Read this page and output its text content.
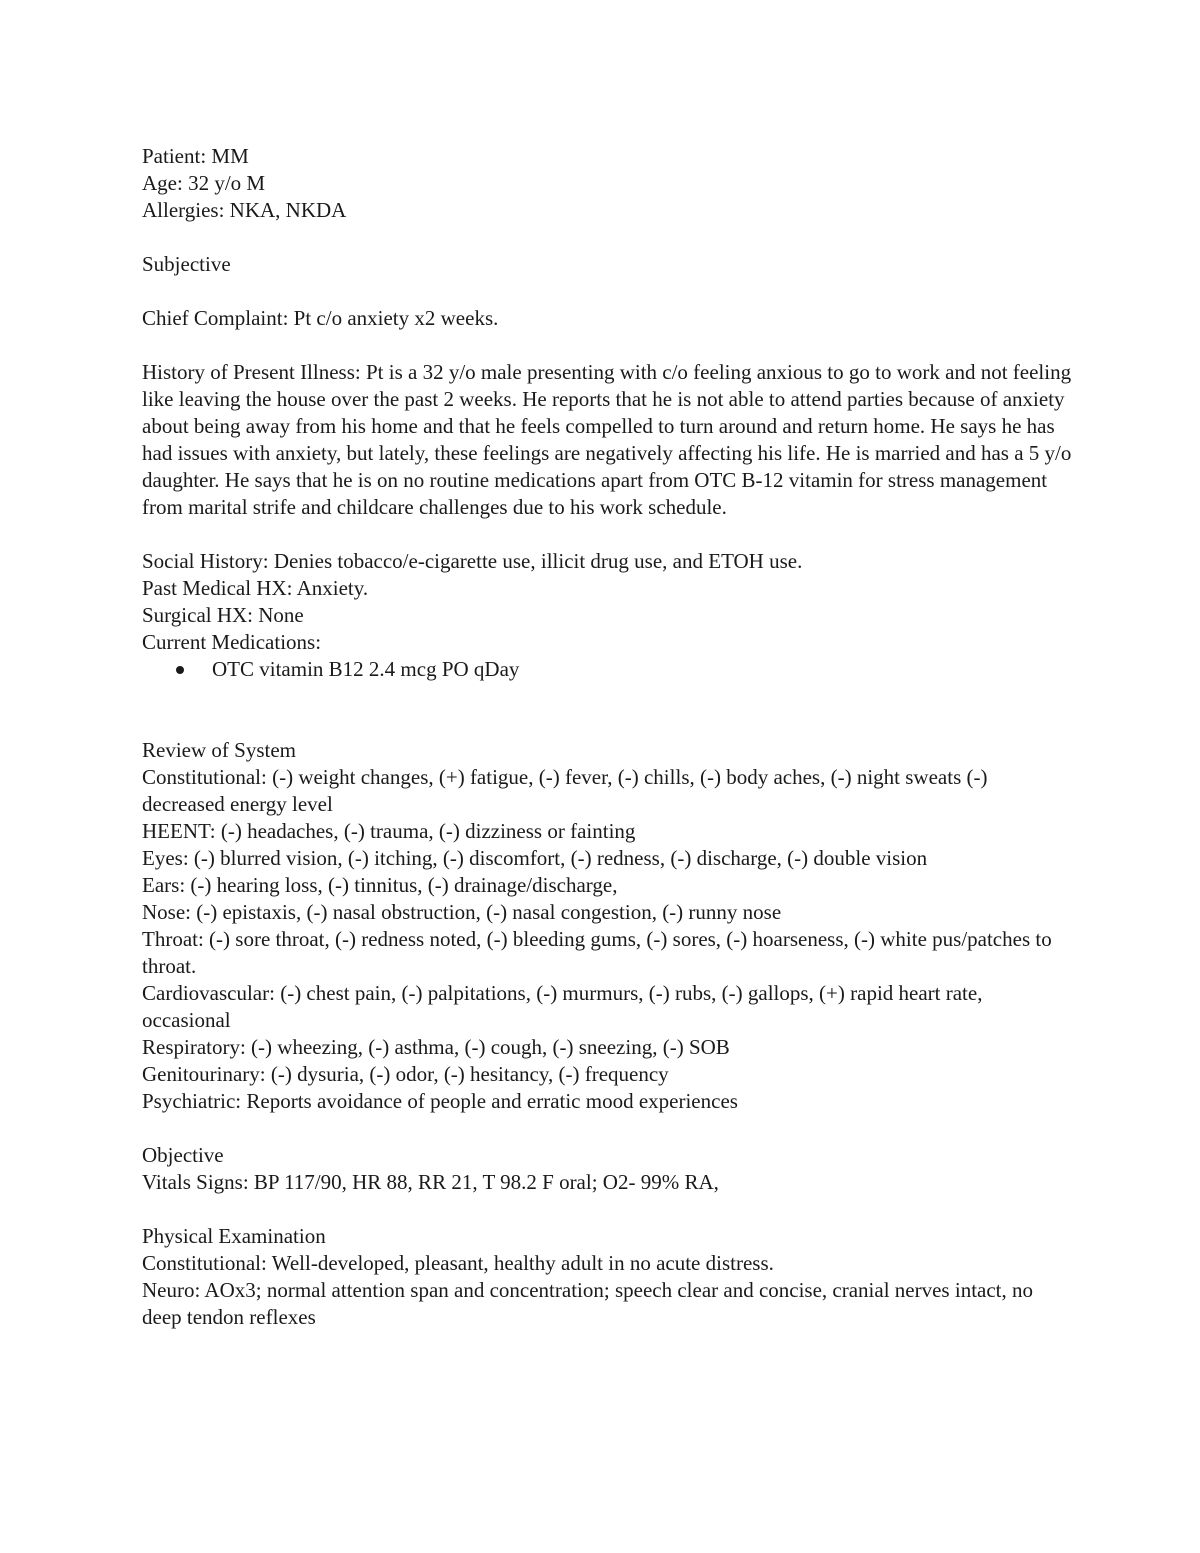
Patient: MM
Age: 32 y/o M
Allergies: NKA, NKDA
Subjective
Chief Complaint: Pt c/o anxiety x2 weeks.
History of Present Illness: Pt is a 32 y/o male presenting with c/o feeling anxious to go to work and not feeling like leaving the house over the past 2 weeks. He reports that he is not able to attend parties because of anxiety about being away from his home and that he feels compelled to turn around and return home. He says he has had issues with anxiety, but lately, these feelings are negatively affecting his life. He is married and has a 5 y/o daughter. He says that he is on no routine medications apart from OTC B-12 vitamin for stress management from marital strife and childcare challenges due to his work schedule.
Social History: Denies tobacco/e-cigarette use, illicit drug use, and ETOH use.
Past Medical HX: Anxiety.
Surgical HX: None
Current Medications:
OTC vitamin B12 2.4 mcg PO qDay
Review of System
Constitutional: (-) weight changes, (+) fatigue, (-) fever, (-) chills, (-) body aches, (-) night sweats (-) decreased energy level
HEENT: (-) headaches, (-) trauma, (-) dizziness or fainting
Eyes: (-) blurred vision, (-) itching, (-) discomfort, (-) redness, (-) discharge, (-) double vision
Ears: (-) hearing loss, (-) tinnitus, (-) drainage/discharge,
Nose: (-) epistaxis, (-) nasal obstruction, (-) nasal congestion, (-) runny nose
Throat: (-) sore throat, (-) redness noted, (-) bleeding gums, (-) sores, (-) hoarseness, (-) white pus/patches to throat.
Cardiovascular: (-) chest pain, (-) palpitations, (-) murmurs, (-) rubs, (-) gallops, (+) rapid heart rate, occasional
Respiratory: (-) wheezing, (-) asthma, (-) cough, (-) sneezing, (-) SOB
Genitourinary: (-) dysuria, (-) odor, (-) hesitancy, (-) frequency
Psychiatric: Reports avoidance of people and erratic mood experiences
Objective
Vitals Signs: BP 117/90, HR 88, RR 21, T 98.2 F oral; O2- 99% RA,
Physical Examination
Constitutional: Well-developed, pleasant, healthy adult in no acute distress.
Neuro: AOx3; normal attention span and concentration; speech clear and concise, cranial nerves intact, no deep tendon reflexes
